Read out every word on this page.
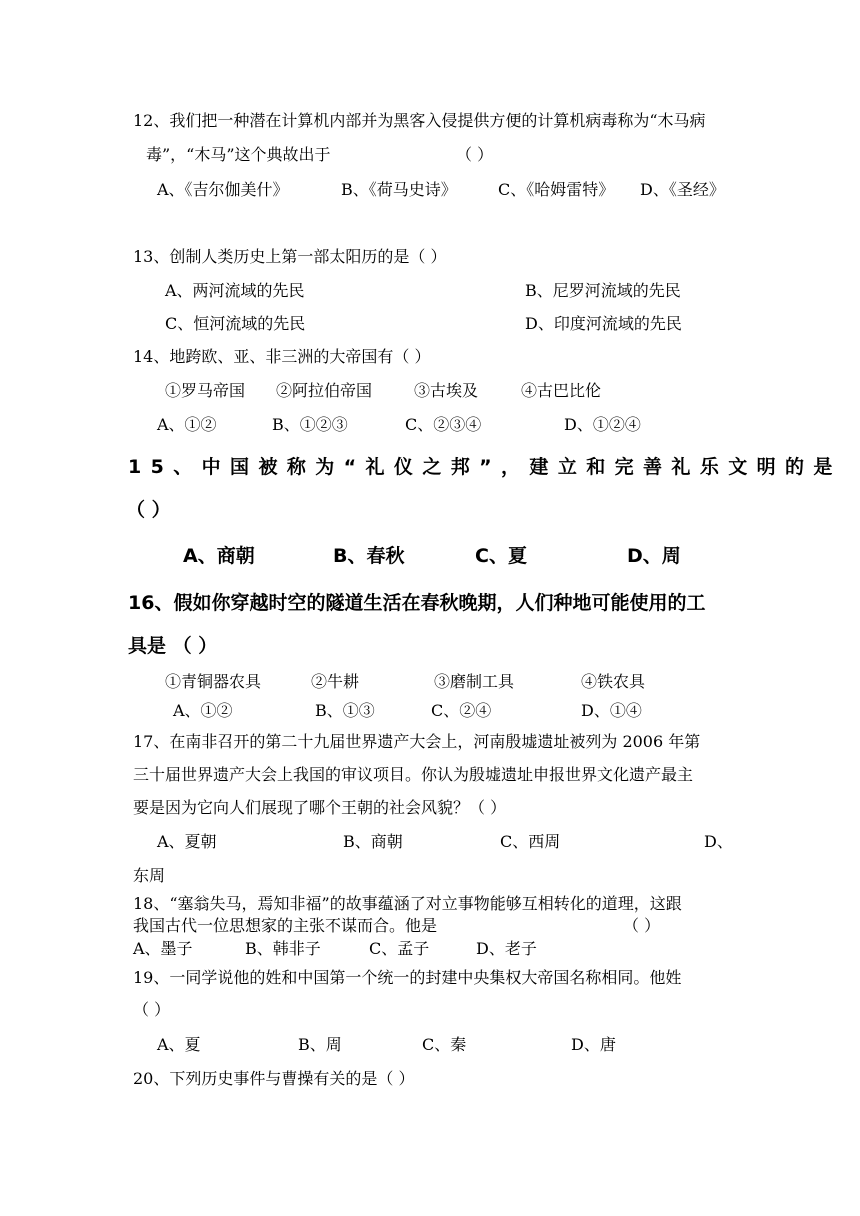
12、我们把一种潜在计算机内部并为黑客入侵提供方便的计算机病毒称为“木马病
毒”，“木马”这个典故出于	（ ）
A、《吉尔伽美什》	B、《荷马史诗》	C、《哈姆雷特》 D、《圣经》
13、创制人类历史上第一部太阳历的是（ ）
A、两河流域的先民	B、尼罗河流域的先民
C、恒河流域的先民	D、印度河流域的先民
14、地跨欧、亚、非三洲的大帝国有（ ）
①罗马帝国 ②阿拉伯帝国	③古埃及	④古巴比伦
A、①②	B、①②③	C、②③④	D、①②④
15、中国被称为“礼仪之邦”，建立和完善礼乐文明的是
（ ）
A、商朝	B、春秋	C、夏	D、周
16、假如你穿越时空的隧道生活在春秋晚期，人们种地可能使用的工
具是 （ ）
①青铜器农具	②牛耕	③磨制工具	④铁农具
A、①②	B、①③	C、②④	D、①④
17、在南非召开的第二十九届世界遗产大会上，河南殷墟遗址被列为 2006 年第
三十届世界遗产大会上我国的审议项目。你认为殷墟遗址申报世界文化遗产最主
要是因为它向人们展现了哪个王朝的社会风貌？（ ）
A、夏朝	B、商朝	C、西周	D、
东周
18、“塞翁失马，焉知非福”的故事蕴涵了对立事物能够互相转化的道理，这跟
我国古代一位思想家的主张不谋而合。他是	（ ）
A、墨子	B、韩非子	C、孟子	D、老子
19、一同学说他的姓和中国第一个统一的封建中央集权大帝国名称相同。他姓
（ ）
A、夏	B、周	C、秦	D、唐
20、下列历史事件与曹操有关的是（ ）
